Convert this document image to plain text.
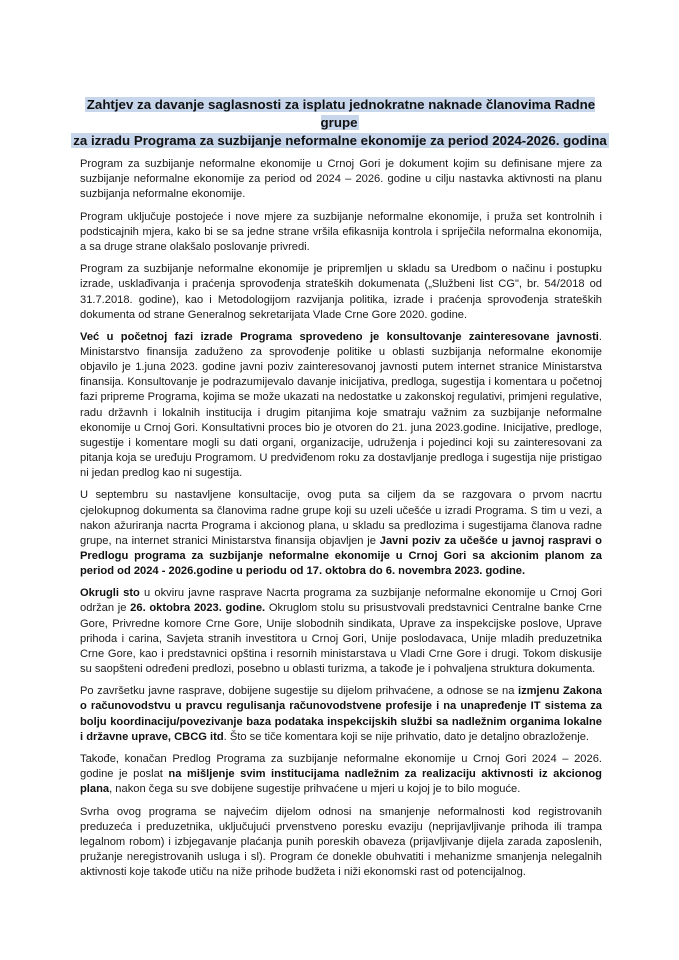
Zahtjev za davanje saglasnosti za isplatu jednokratne naknade članovima Radne grupe
za izradu Programa za suzbijanje neformalne ekonomije za period 2024-2026. godina

Program za suzbijanje neformalne ekonomije u Crnoj Gori je dokument kojim su definisane mjere za suzbijanje neformalne ekonomije za period od 2024 – 2026. godine u cilju nastavka aktivnosti na planu suzbijanja neformalne ekonomije.

Program uključuje postojeće i nove mjere za suzbijanje neformalne ekonomije, i pruža set kontrolnih i podsticajnih mjera, kako bi se sa jedne strane vršila efikasnija kontrola i spriječila neformalna ekonomija, a sa druge strane olakšalo poslovanje privredi.

Program za suzbijanje neformalne ekonomije je pripremljen u skladu sa Uredbom o načinu i postupku izrade, usklađivanja i praćenja sprovođenja strateških dokumenata („Službeni list CG", br. 54/2018 od 31.7.2018. godine), kao i Metodologijom razvijanja politika, izrade i praćenja sprovođenja strateških dokumenta od strane Generalnog sekretarijata Vlade Crne Gore 2020. godine.

Već u početnoj fazi izrade Programa sprovedeno je konsultovanje zainteresovane javnosti. Ministarstvo finansija zaduženo za sprovođenje politike u oblasti suzbijanja neformalne ekonomije objavilo je 1.juna 2023. godine javni poziv zainteresovanoj javnosti putem internet stranice Ministarstva finansija. Konsultovanje je podrazumijevalo davanje inicijativa, predloga, sugestija i komentara u početnoj fazi pripreme Programa, kojima se može ukazati na nedostatke u zakonskoj regulativi, primjeni regulative, radu državnh i lokalnih institucija i drugim pitanjima koje smatraju važnim za suzbijanje neformalne ekonomije u Crnoj Gori. Konsultativni proces bio je otvoren do 21. juna 2023.godine. Inicijative, predloge, sugestije i komentare mogli su dati organi, organizacije, udruženja i pojedinci koji su zainteresovani za pitanja koja se uređuju Programom. U predviđenom roku za dostavljanje predloga i sugestija nije pristigao ni jedan predlog kao ni sugestija.

U septembru su nastavljene konsultacije, ovog puta sa ciljem da se razgovara o prvom nacrtu cjelokupnog dokumenta sa članovima radne grupe koji su uzeli učešće u izradi Programa. S tim u vezi, a nakon ažuriranja nacrta Programa i akcionog plana, u skladu sa predlozima i sugestijama članova radne grupe, na internet stranici Ministarstva finansija objavljen je Javni poziv za učešće u javnoj raspravi o Predlogu programa za suzbijanje neformalne ekonomije u Crnoj Gori sa akcionim planom za period od 2024 - 2026.godine u periodu od 17. oktobra do 6. novembra 2023. godine.

Okrugli sto u okviru javne rasprave Nacrta programa za suzbijanje neformalne ekonomije u Crnoj Gori održan je 26. oktobra 2023. godine. Okruglom stolu su prisustvovali predstavnici Centralne banke Crne Gore, Privredne komore Crne Gore, Unije slobodnih sindikata, Uprave za inspekcijske poslove, Uprave prihoda i carina, Savjeta stranih investitora u Crnoj Gori, Unije poslodavaca, Unije mladih preduzetnika Crne Gore, kao i predstavnici opština i resornih ministarstava u Vladi Crne Gore i drugi. Tokom diskusije su saopšteni određeni predlozi, posebno u oblasti turizma, a takođe je i pohvaljena struktura dokumenta.

Po završetku javne rasprave, dobijene sugestije su dijelom prihvaćene, a odnose se na izmjenu Zakona o računovodstvu u pravcu regulisanja računovodstvene profesije i na unapređenje IT sistema za bolju koordinaciju/povezivanje baza podataka inspekcijskih službi sa nadležnim organima lokalne i državne uprave, CBCG itd. Što se tiče komentara koji se nije prihvatio, dato je detaljno obrazloženje.

Takođe, konačan Predlog Programa za suzbijanje neformalne ekonomije u Crnoj Gori 2024 – 2026. godine je poslat na mišljenje svim institucijama nadležnim za realizaciju aktivnosti iz akcionog plana, nakon čega su sve dobijene sugestije prihvaćene u mjeri u kojoj je to bilo moguće.

Svrha ovog programa se najvećim dijelom odnosi na smanjenje neformalnosti kod registrovanih preduzeća i preduzetnika, uključujući prvenstveno poresku evaziju (neprijavljivanje prihoda ili trampa legalnom robom) i izbjegavanje plaćanja punih poreskih obaveza (prijavljivanje dijela zarada zaposlenih, pružanje neregistrovanih usluga i sl). Program će donekle obuhvatiti i mehanizme smanjenja nelegalnih aktivnosti koje takođe utiču na niže prihode budžeta i niži ekonomski rast od potencijalnog.
